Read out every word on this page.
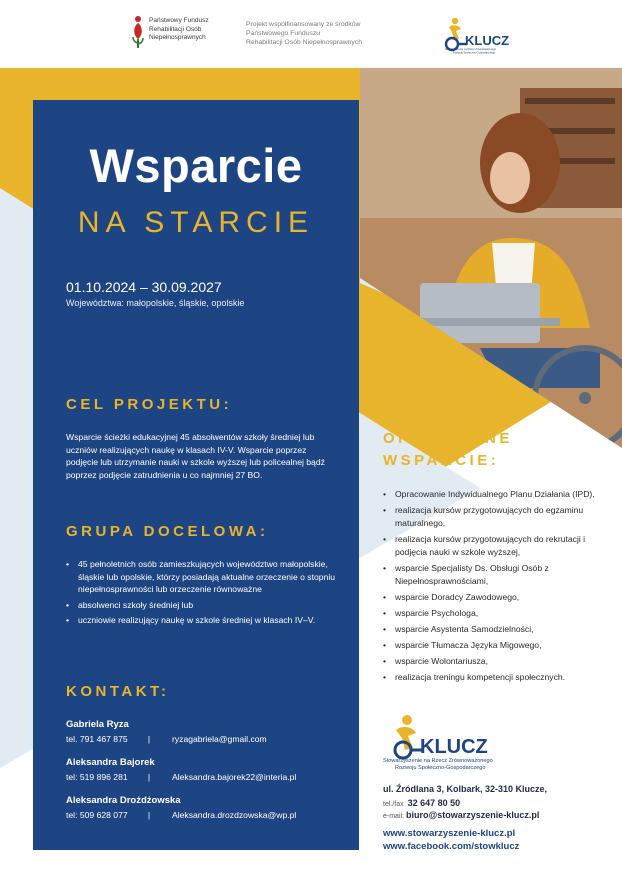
Państwowy Fundusz
Rehabilitacji Osób
Niepełnosprawnych
Projekt współfinansowany ze środków
Państwowego Funduszu
Rehabilitacji Osób Niepełnosprawnych	KLUCZ
Stowarzyszenie na Rzecz Zrównoważonego
Rozwoju Społeczno-Gospodarczego
Wsparcie
NA STARCIE
01.10.2024 – 30.09.2027
Województwa: małopolskie, śląskie, opolskie
CEL PROJEKTU:
Wsparcie ścieżki edukacyjnej 45 absolwentów szkoły średniej lub uczniów realizujących naukę w klasach IV-V. Wsparcie poprzez podjęcie lub utrzymanie nauki w szkole wyższej lub policealnej bądź poprzez podjęcie zatrudnienia u co najmniej 27 BO.
GRUPA DOCELOWA:
• 45 pełnoletnich osób zamieszkujących województwo małopolskie, śląskie lub opolskie, którzy posiadają aktualne orzeczenie o stopniu niepełnosprawności lub orzeczenie równoważne
• absolwenci szkoły średniej lub
• uczniowie realizujący naukę w szkole średniej w klasach IV–V.
KONTAKT:
Gabriela Ryza
tel. 791 467 875 |	ryzagabriela@gmail.com
Aleksandra Bajorek
tel: 519 896 281 |	Aleksandra.bajorek22@interia.pl
Aleksandra Drożdżowska
tel: 509 628 077 |	Aleksandra.drozdzowska@wp.pl
OFEROWANE
WSPARCIE:
• Opracowanie Indywidualnego Planu Działania (IPD),
• realizacja kursów przygotowujących do egzaminu maturalnego,
• realizacja kursów przygotowujących do rekrutacji i podjęcia nauki w szkole wyższej,
• wsparcie Specjalisty Ds. Obsługi Osób z Niepełnosprawnościami,
• wsparcie Doradcy Zawodowego,
• wsparcie Psychologa,
• wsparcie Asystenta Samodzielności,
• wsparcie Tłumacza Języka Migowego,
• wsparcie Wolontariusza,
• realizacja treningu kompetencji społecznych.
KLUCZ
Stowarzyszenie na Rzecz Zrównoważonego
Rozwoju Społeczno-Gospodarczego
ul. Źródlana 3, Kolbark, 32-310 Klucze,
tel./fax 32 647 80 50
e-mail: biuro@stowarzyszenie-klucz.pl
www.stowarzyszenie-klucz.pl
www.facebook.com/stowklucz
